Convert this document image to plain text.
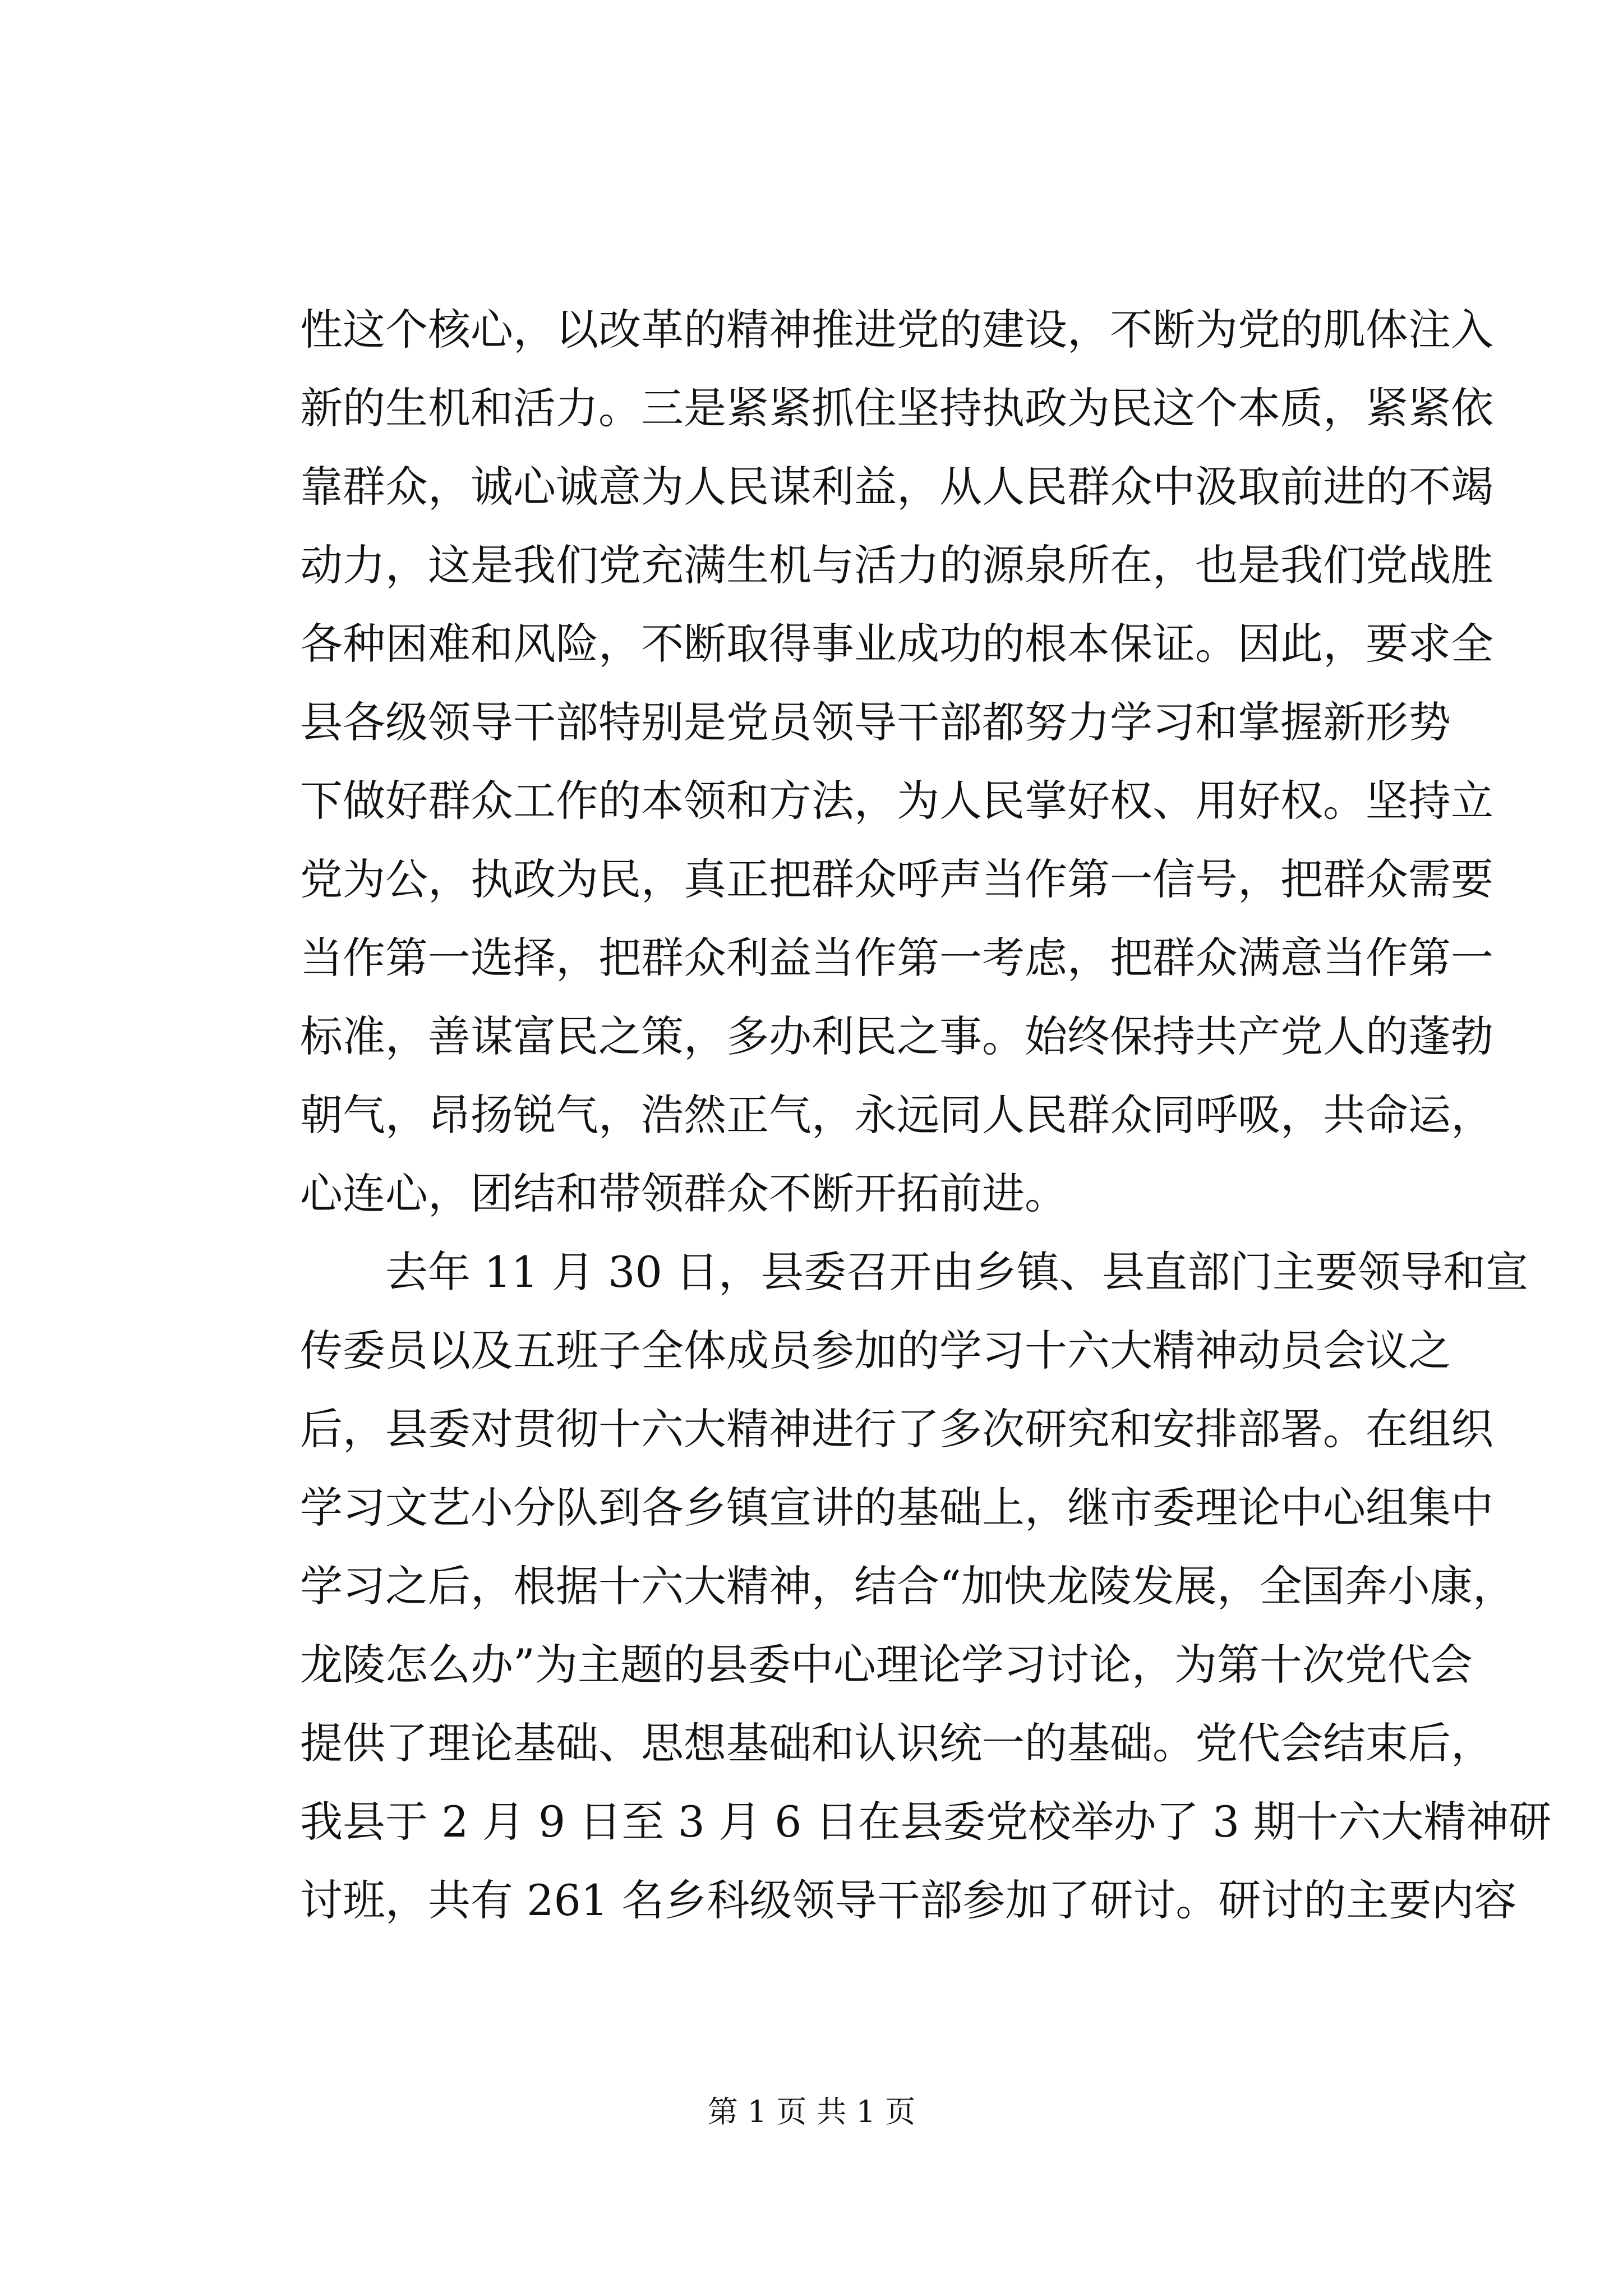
性这个核心，以改革的精神推进党的建设，不断为党的肌体注入
新的生机和活力。三是紧紧抓住坚持执政为民这个本质，紧紧依
靠群众，诚心诚意为人民谋利益，从人民群众中汲取前进的不竭
动力，这是我们党充满生机与活力的源泉所在，也是我们党战胜
各种困难和风险，不断取得事业成功的根本保证。因此，要求全
县各级领导干部特别是党员领导干部都努力学习和掌握新形势
下做好群众工作的本领和方法，为人民掌好权、用好权。坚持立
党为公，执政为民，真正把群众呼声当作第一信号，把群众需要
当作第一选择，把群众利益当作第一考虑，把群众满意当作第一
标准，善谋富民之策，多办利民之事。始终保持共产党人的蓬勃
朝气，昂扬锐气，浩然正气，永远同人民群众同呼吸，共命运，
心连心，团结和带领群众不断开拓前进。
去年 11 月 30 日，县委召开由乡镇、县直部门主要领导和宣
传委员以及五班子全体成员参加的学习十六大精神动员会议之
后，县委对贯彻十六大精神进行了多次研究和安排部署。在组织
学习文艺小分队到各乡镇宣讲的基础上，继市委理论中心组集中
学习之后，根据十六大精神，结合“加快龙陵发展，全国奔小康，
龙陵怎么办”为主题的县委中心理论学习讨论，为第十次党代会
提供了理论基础、思想基础和认识统一的基础。党代会结束后，
我县于 2 月 9 日至 3 月 6 日在县委党校举办了 3 期十六大精神研
讨班，共有 261 名乡科级领导干部参加了研讨。研讨的主要内容
第 1 页 共 1 页
